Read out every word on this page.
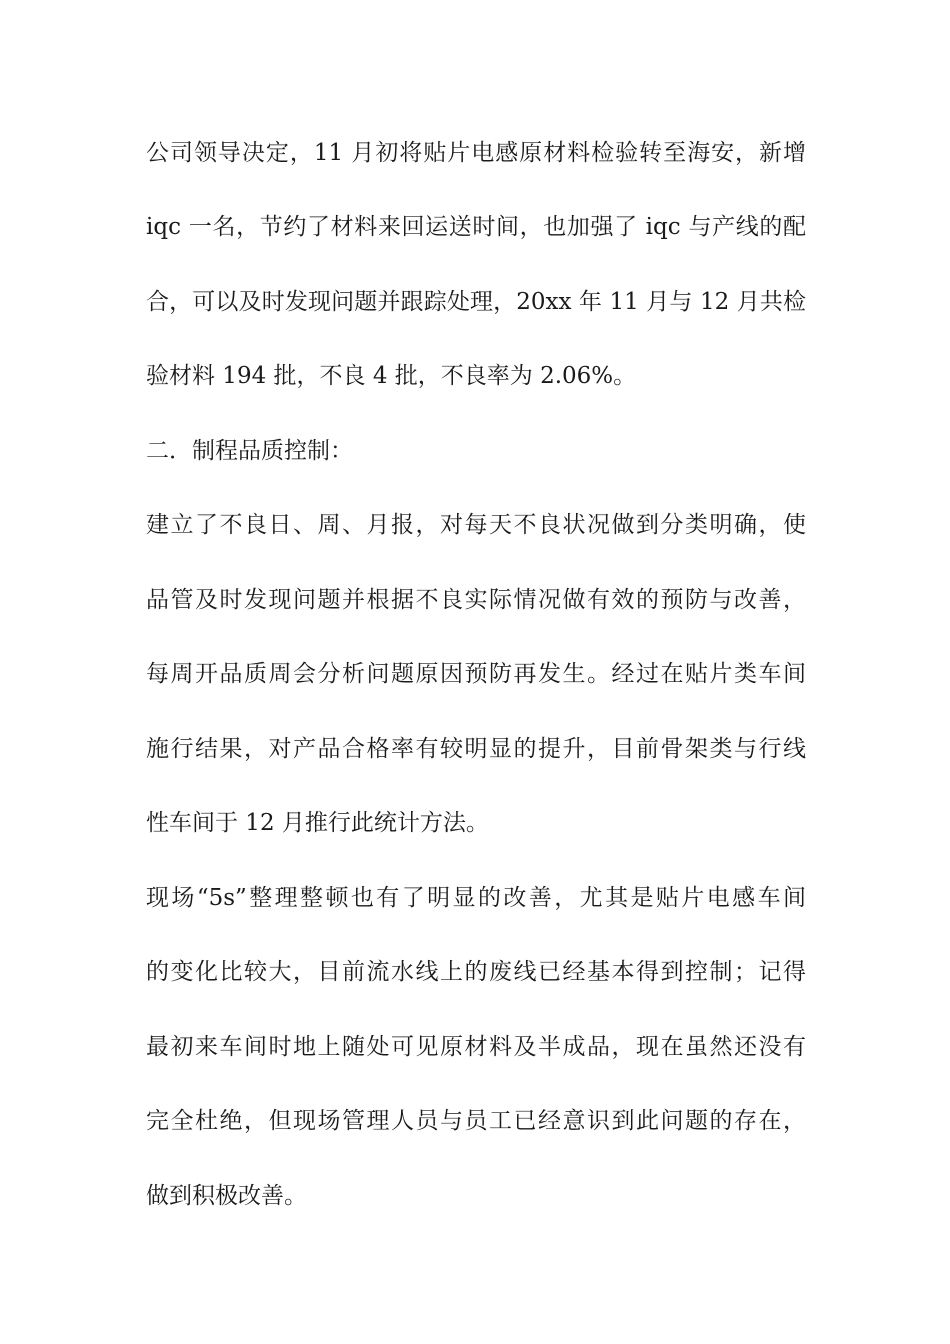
公司领导决定，11 月初将贴片电感原材料检验转至海安，新增
iqc 一名，节约了材料来回运送时间，也加强了 iqc 与产线的配
合，可以及时发现问题并跟踪处理，20xx 年 11 月与 12 月共检
验材料 194 批，不良 4 批，不良率为 2.06%。
二．制程品质控制：
建立了不良日、周、月报，对每天不良状况做到分类明确，使
品管及时发现问题并根据不良实际情况做有效的预防与改善，
每周开品质周会分析问题原因预防再发生。经过在贴片类车间
施行结果，对产品合格率有较明显的提升，目前骨架类与行线
性车间于 12 月推行此统计方法。
现场“5s”整理整顿也有了明显的改善，尤其是贴片电感车间
的变化比较大，目前流水线上的废线已经基本得到控制；记得
最初来车间时地上随处可见原材料及半成品，现在虽然还没有
完全杜绝，但现场管理人员与员工已经意识到此问题的存在，
做到积极改善。
